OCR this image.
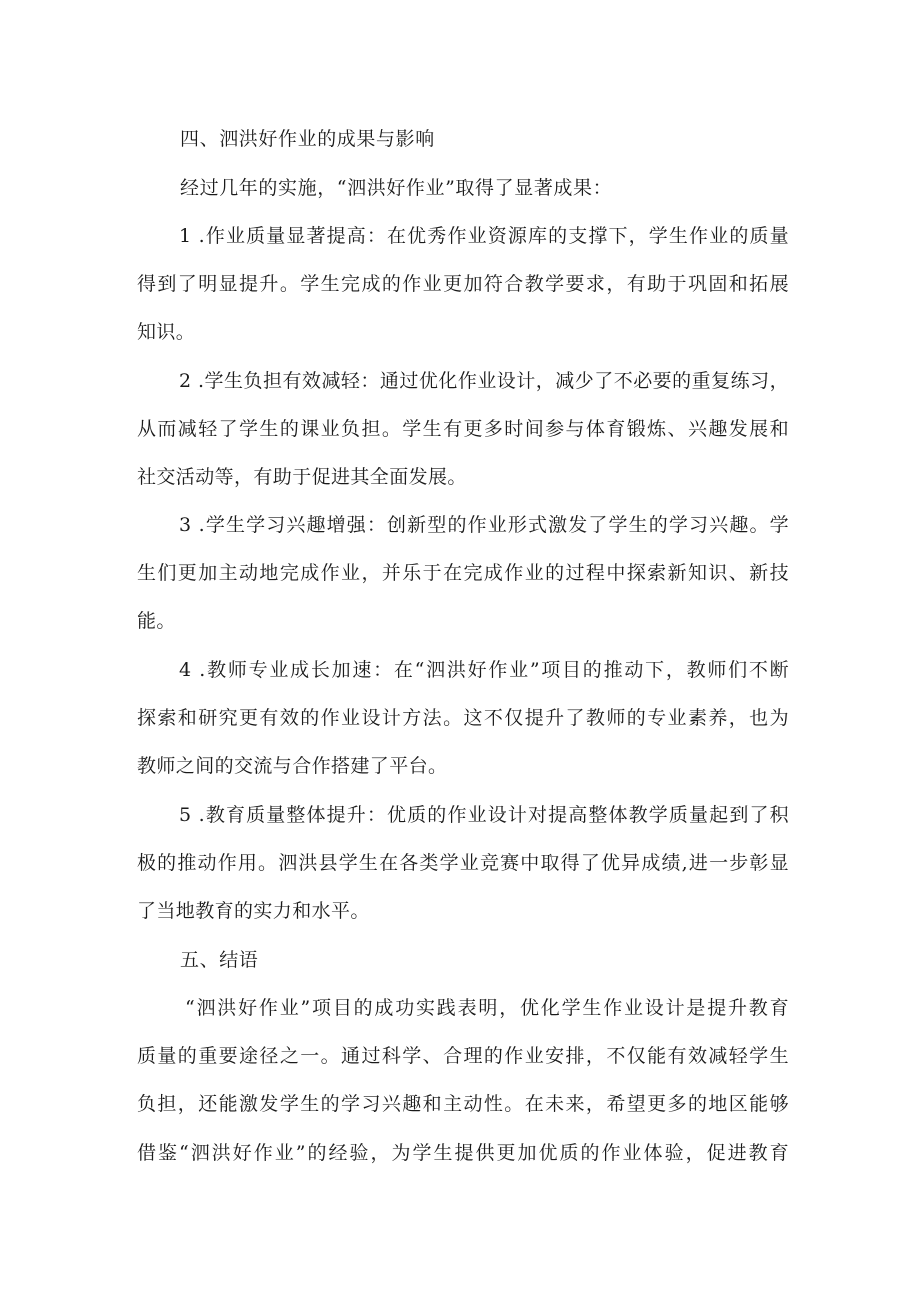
四、泗洪好作业的成果与影响
经过几年的实施，“泗洪好作业”取得了显著成果：
1 .作业质量显著提高：在优秀作业资源库的支撑下，学生作业的质量
得到了明显提升。学生完成的作业更加符合教学要求，有助于巩固和拓展
知识。
2 .学生负担有效减轻：通过优化作业设计，减少了不必要的重复练习，
从而减轻了学生的课业负担。学生有更多时间参与体育锻炼、兴趣发展和
社交活动等，有助于促进其全面发展。
3 .学生学习兴趣增强：创新型的作业形式激发了学生的学习兴趣。学
生们更加主动地完成作业，并乐于在完成作业的过程中探索新知识、新技
能。
4 .教师专业成长加速：在“泗洪好作业”项目的推动下，教师们不断
探索和研究更有效的作业设计方法。这不仅提升了教师的专业素养，也为
教师之间的交流与合作搭建了平台。
5 .教育质量整体提升：优质的作业设计对提高整体教学质量起到了积
极的推动作用。泗洪县学生在各类学业竞赛中取得了优异成绩,进一步彰显
了当地教育的实力和水平。
五、结语
“泗洪好作业”项目的成功实践表明，优化学生作业设计是提升教育
质量的重要途径之一。通过科学、合理的作业安排，不仅能有效减轻学生
负担，还能激发学生的学习兴趣和主动性。在未来，希望更多的地区能够
借鉴“泗洪好作业”的经验，为学生提供更加优质的作业体验，促进教育
